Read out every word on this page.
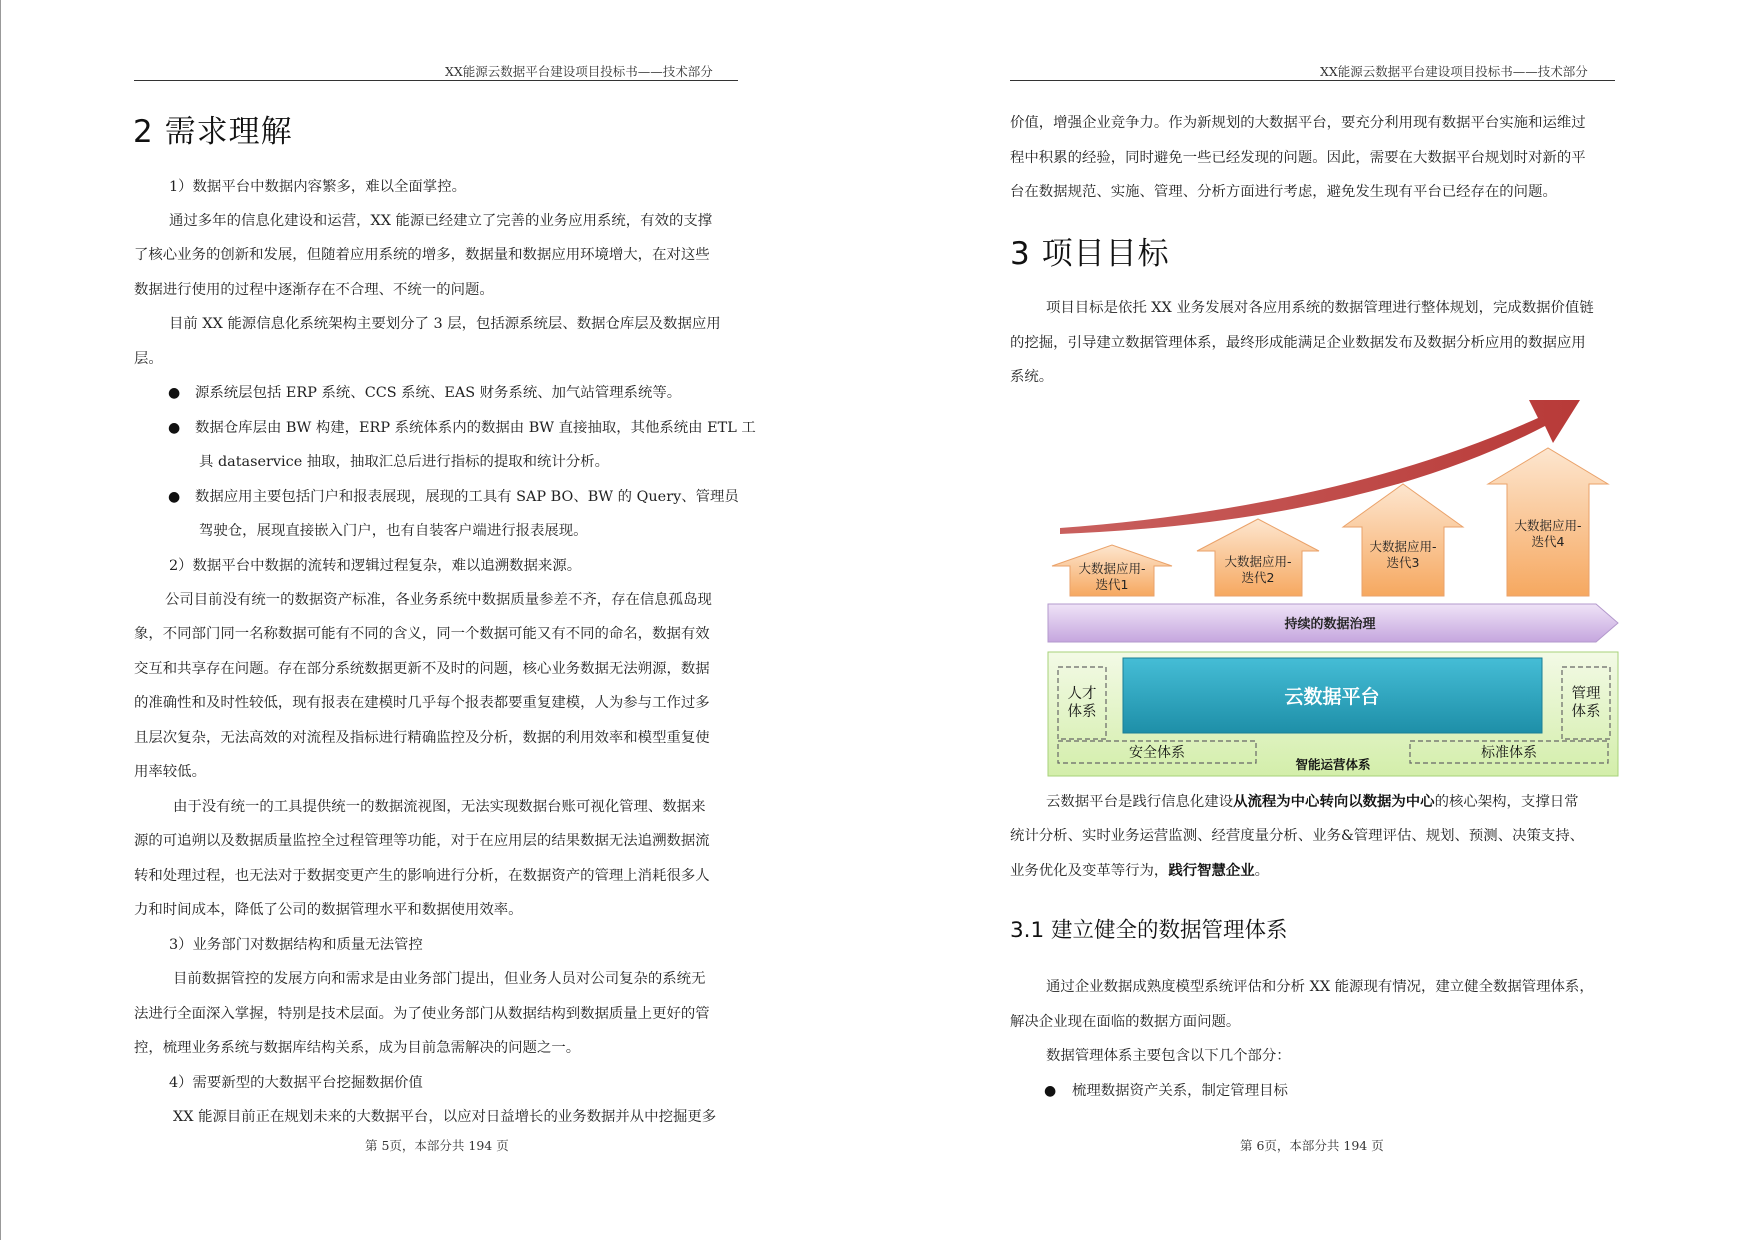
XX能源云数据平台建设项目投标书——技术部分
2 需求理解
1）数据平台中数据内容繁多，难以全面掌控。
通过多年的信息化建设和运营，XX 能源已经建立了完善的业务应用系统，有效的支撑
了核心业务的创新和发展，但随着应用系统的增多，数据量和数据应用环境增大，在对这些
数据进行使用的过程中逐渐存在不合理、不统一的问题。
目前 XX 能源信息化系统架构主要划分了 3 层，包括源系统层、数据仓库层及数据应用
层。
● 源系统层包括 ERP 系统、CCS 系统、EAS 财务系统、加气站管理系统等。
● 数据仓库层由 BW 构建，ERP 系统体系内的数据由 BW 直接抽取，其他系统由 ETL 工
具 dataservice 抽取，抽取汇总后进行指标的提取和统计分析。
● 数据应用主要包括门户和报表展现，展现的工具有 SAP BO、BW 的 Query、管理员
驾驶仓，展现直接嵌入门户，也有自装客户端进行报表展现。
2）数据平台中数据的流转和逻辑过程复杂，难以追溯数据来源。
公司目前没有统一的数据资产标准，各业务系统中数据质量参差不齐，存在信息孤岛现
象，不同部门同一名称数据可能有不同的含义，同一个数据可能又有不同的命名，数据有效
交互和共享存在问题。存在部分系统数据更新不及时的问题，核心业务数据无法朔源，数据
的准确性和及时性较低，现有报表在建模时几乎每个报表都要重复建模，人为参与工作过多
且层次复杂，无法高效的对流程及指标进行精确监控及分析，数据的利用效率和模型重复使
用率较低。
由于没有统一的工具提供统一的数据流视图，无法实现数据台账可视化管理、数据来
源的可追朔以及数据质量监控全过程管理等功能，对于在应用层的结果数据无法追溯数据流
转和处理过程，也无法对于数据变更产生的影响进行分析，在数据资产的管理上消耗很多人
力和时间成本，降低了公司的数据管理水平和数据使用效率。
3）业务部门对数据结构和质量无法管控
目前数据管控的发展方向和需求是由业务部门提出，但业务人员对公司复杂的系统无
法进行全面深入掌握，特别是技术层面。为了使业务部门从数据结构到数据质量上更好的管
控，梳理业务系统与数据库结构关系，成为目前急需解决的问题之一。
4）需要新型的大数据平台挖掘数据价值
XX 能源目前正在规划未来的大数据平台，以应对日益增长的业务数据并从中挖掘更多
第 5页，本部分共 194 页
XX能源云数据平台建设项目投标书——技术部分
价值，增强企业竞争力。作为新规划的大数据平台，要充分利用现有数据平台实施和运维过
程中积累的经验，同时避免一些已经发现的问题。因此，需要在大数据平台规划时对新的平
台在数据规范、实施、管理、分析方面进行考虑，避免发生现有平台已经存在的问题。
3 项目目标
项目目标是依托 XX 业务发展对各应用系统的数据管理进行整体规划，完成数据价值链
的挖掘，引导建立数据管理体系，最终形成能满足企业数据发布及数据分析应用的数据应用
系统。
大数据应用-
迭代1
大数据应用-
迭代2
大数据应用-
迭代3
大数据应用-
迭代4
持续的数据治理
人才
体系
管理
体系
云数据平台
安全体系	标准体系
智能运营体系
云数据平台是践行信息化建设从流程为中心转向以数据为中心的核心架构，支撑日常
统计分析、实时业务运营监测、经营度量分析、业务&管理评估、规划、预测、决策支持、
业务优化及变革等行为，践行智慧企业。
3.1 建立健全的数据管理体系
通过企业数据成熟度模型系统评估和分析 XX 能源现有情况，建立健全数据管理体系，
解决企业现在面临的数据方面问题。
数据管理体系主要包含以下几个部分：
● 梳理数据资产关系，制定管理目标
第 6页，本部分共 194 页
